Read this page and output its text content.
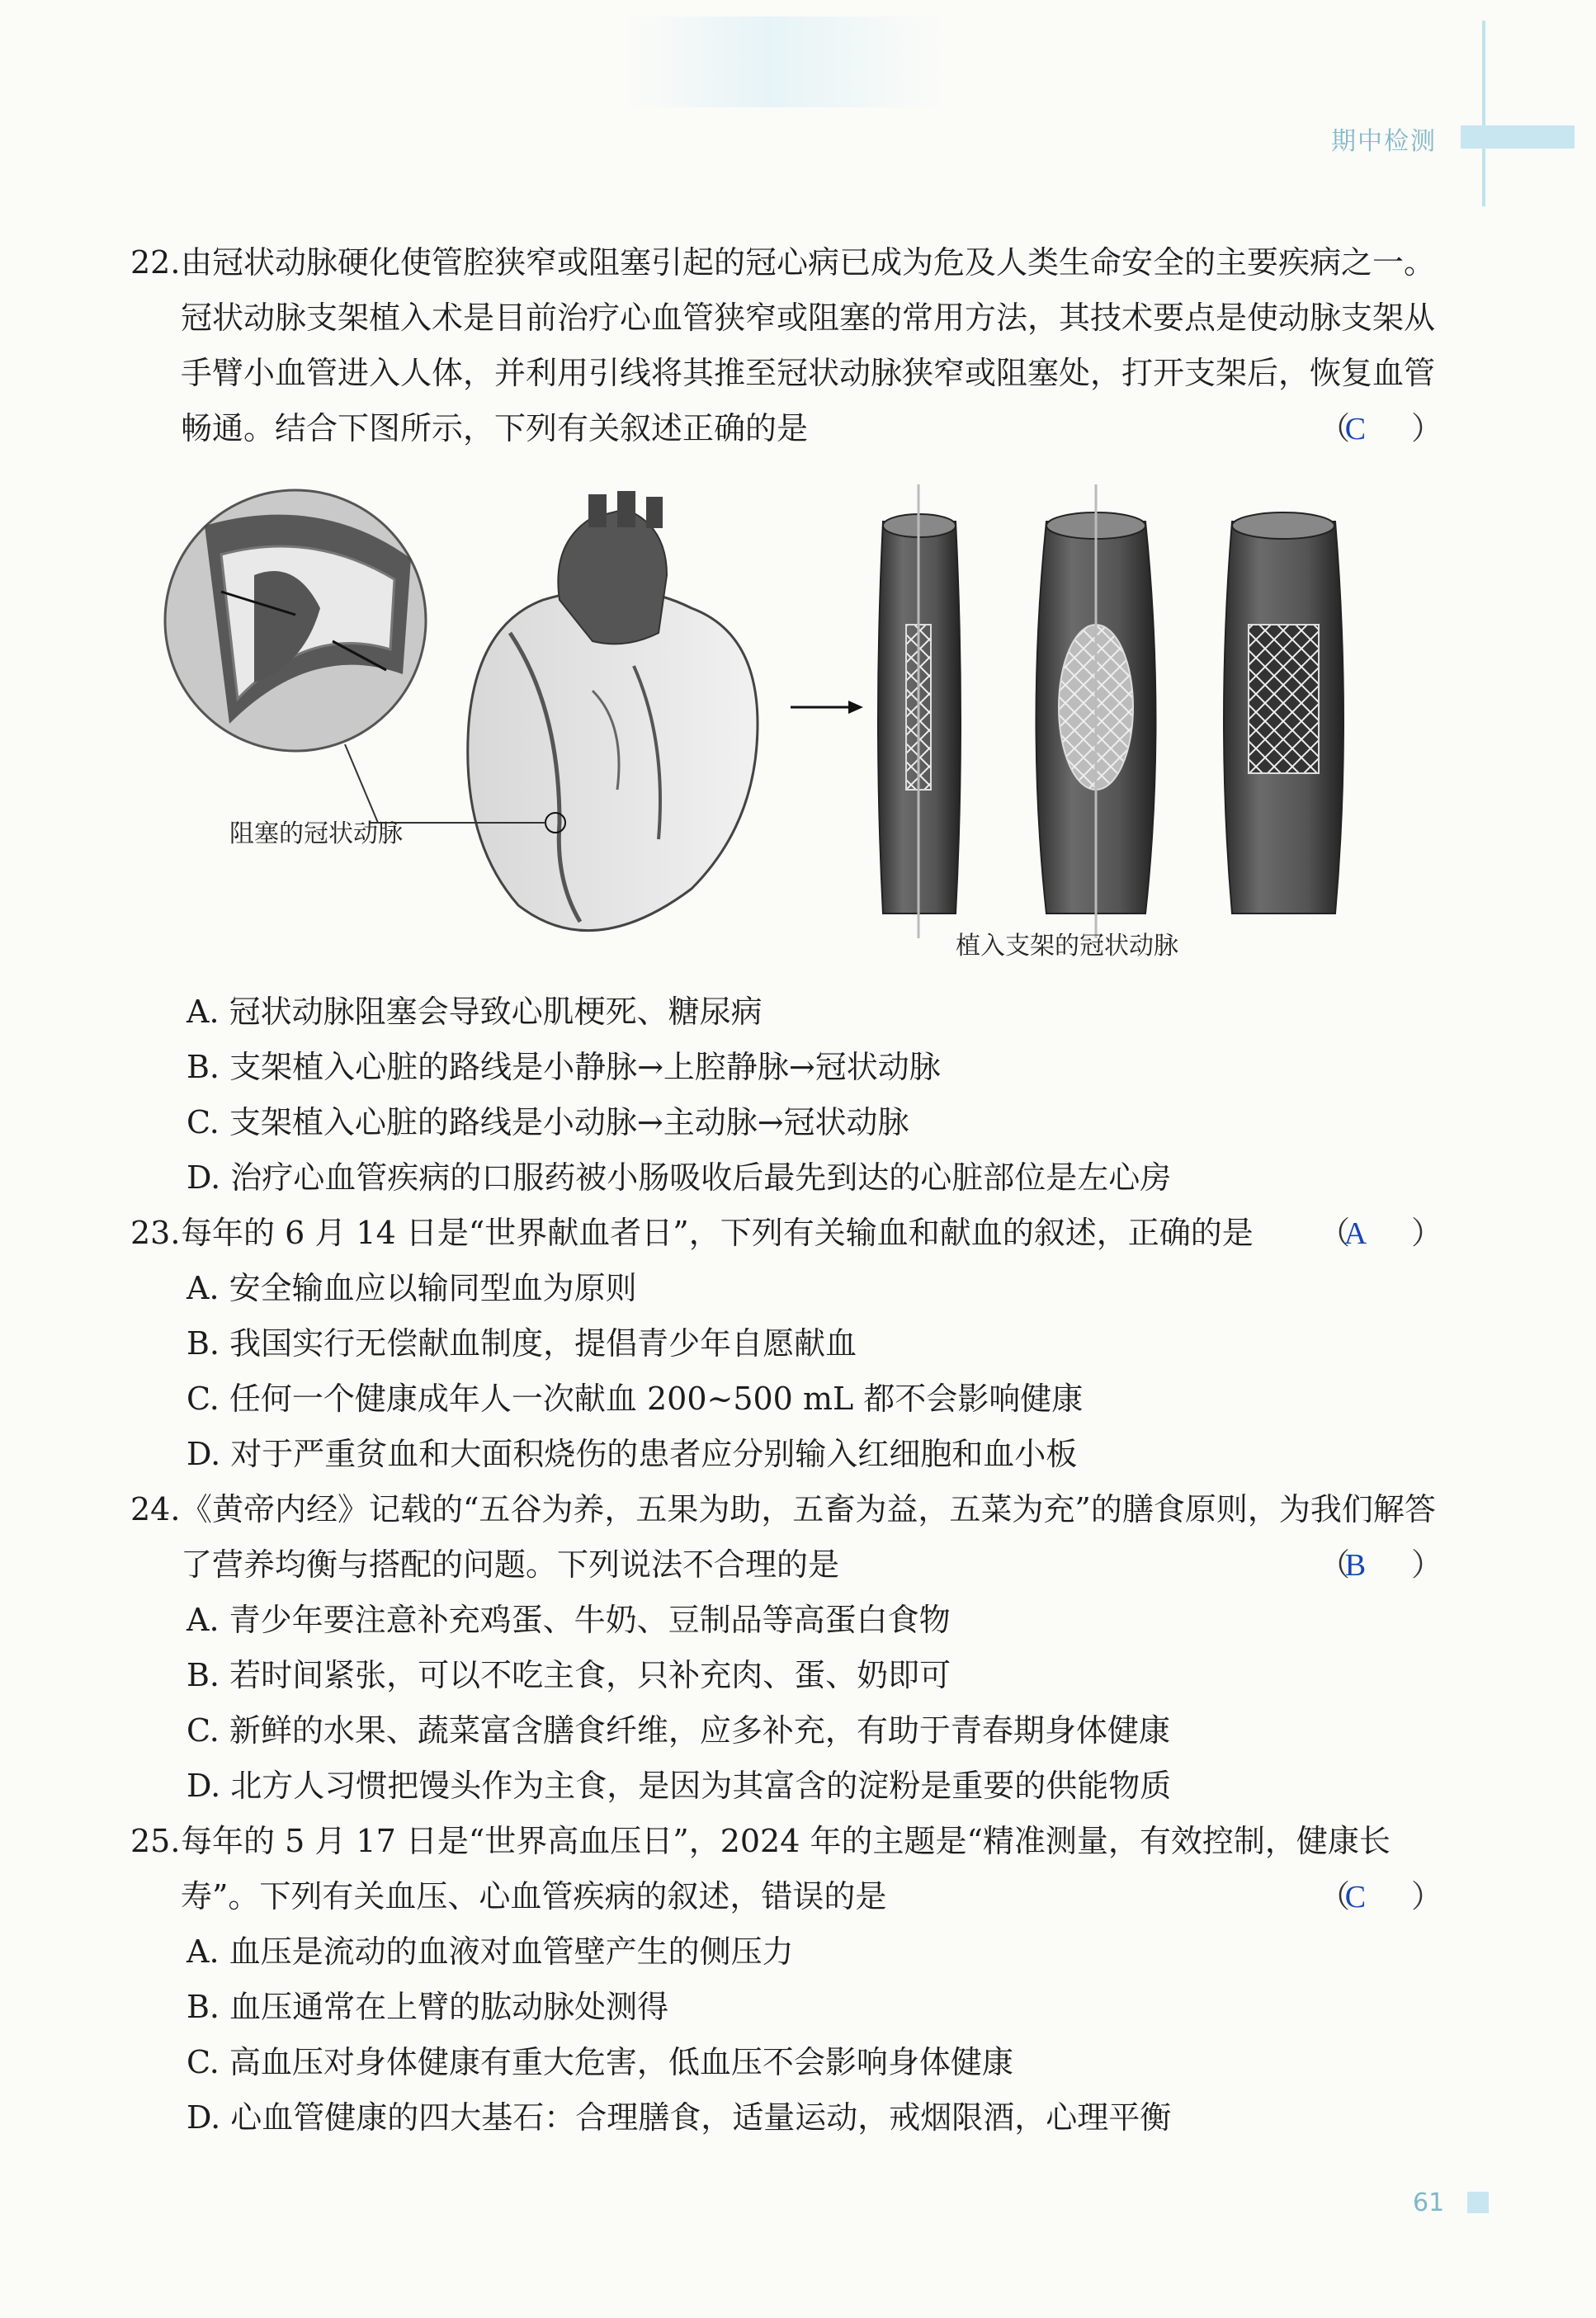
期中检测

22.由冠状动脉硬化使管腔狭窄或阻塞引起的冠心病已成为危及人类生命安全的主要疾病之一。冠状动脉支架植入术是目前治疗心血管狭窄或阻塞的常用方法，其技术要点是使动脉支架从手臂小血管进入人体，并利用引线将其推至冠状动脉狭窄或阻塞处，打开支架后，恢复血管畅通。结合下图所示，下列有关叙述正确的是	（C ）

阻塞的冠状动脉
植入支架的冠状动脉

A. 冠状动脉阻塞会导致心肌梗死、糖尿病

B. 支架植入心脏的路线是小静脉→上腔静脉→冠状动脉

C. 支架植入心脏的路线是小动脉→主动脉→冠状动脉

D. 治疗心血管疾病的口服药被小肠吸收后最先到达的心脏部位是左心房

23.每年的 6 月 14 日是“世界献血者日”，下列有关输血和献血的叙述，正确的是 （A ）

A. 安全输血应以输同型血为原则

B. 我国实行无偿献血制度，提倡青少年自愿献血

C. 任何一个健康成年人一次献血 200~500 mL 都不会影响健康

D. 对于严重贫血和大面积烧伤的患者应分别输入红细胞和血小板

24.《黄帝内经》记载的“五谷为养，五果为助，五畜为益，五菜为充”的膳食原则，为我们解答了营养均衡与搭配的问题。下列说法不合理的是	（B ）

A. 青少年要注意补充鸡蛋、牛奶、豆制品等高蛋白食物

B. 若时间紧张，可以不吃主食，只补充肉、蛋、奶即可

C. 新鲜的水果、蔬菜富含膳食纤维，应多补充，有助于青春期身体健康

D. 北方人习惯把馒头作为主食，是因为其富含的淀粉是重要的供能物质

25.每年的 5 月 17 日是“世界高血压日”，2024 年的主题是“精准测量，有效控制，健康长寿”。下列有关血压、心血管疾病的叙述，错误的是	（C ）

A. 血压是流动的血液对血管壁产生的侧压力

B. 血压通常在上臂的肱动脉处测得

C. 高血压对身体健康有重大危害，低血压不会影响身体健康

D. 心血管健康的四大基石：合理膳食，适量运动，戒烟限酒，心理平衡

61
